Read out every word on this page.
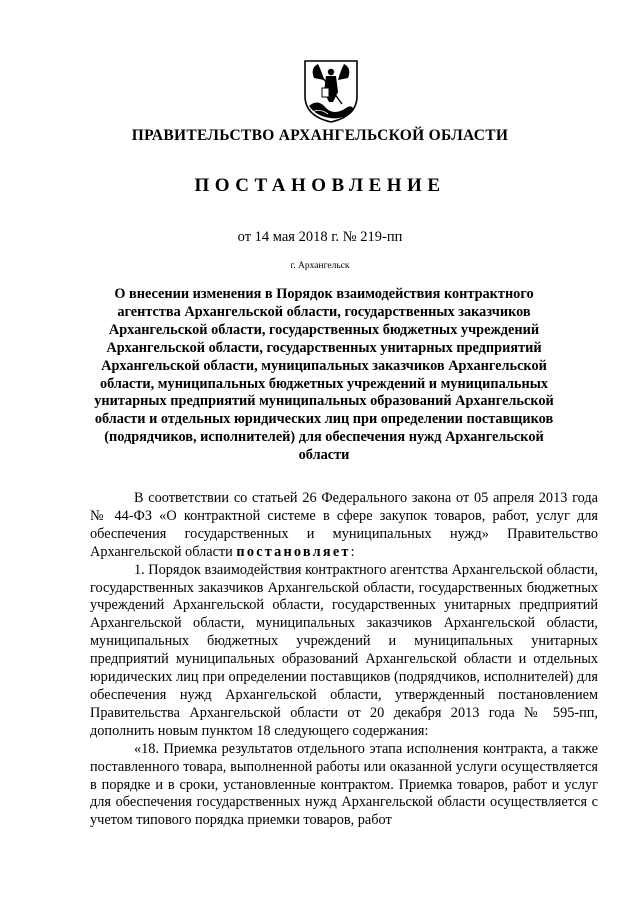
ПРАВИТЕЛЬСТВО АРХАНГЕЛЬСКОЙ ОБЛАСТИ
ПОСТАНОВЛЕНИЕ
от 14 мая 2018 г. № 219-пп
г. Архангельск
О внесении изменения в Порядок взаимодействия контрактного агентства Архангельской области, государственных заказчиков Архангельской области, государственных бюджетных учреждений Архангельской области, государственных унитарных предприятий Архангельской области, муниципальных заказчиков Архангельской области, муниципальных бюджетных учреждений и муниципальных унитарных предприятий муниципальных образований Архангельской области и отдельных юридических лиц при определении поставщиков (подрядчиков, исполнителей) для обеспечения нужд Архангельской области

В соответствии со статьей 26 Федерального закона от 05 апреля 2013 года № 44-ФЗ «О контрактной системе в сфере закупок товаров, работ, услуг для обеспечения государственных и муниципальных нужд» Правительство Архангельской области постановляет:

1. Порядок взаимодействия контрактного агентства Архангельской области, государственных заказчиков Архангельской области, государственных бюджетных учреждений Архангельской области, государственных унитарных предприятий Архангельской области, муниципальных заказчиков Архангельской области, муниципальных бюджетных учреждений и муниципальных унитарных предприятий муниципальных образований Архангельской области и отдельных юридических лиц при определении поставщиков (подрядчиков, исполнителей) для обеспечения нужд Архангельской области, утвержденный постановлением Правительства Архангельской области от 20 декабря 2013 года № 595-пп, дополнить новым пунктом 18 следующего содержания:

«18. Приемка результатов отдельного этапа исполнения контракта, а также поставленного товара, выполненной работы или оказанной услуги осуществляется в порядке и в сроки, установленные контрактом. Приемка товаров, работ и услуг для обеспечения государственных нужд Архангельской области осуществляется с учетом типового порядка приемки товаров, работ
